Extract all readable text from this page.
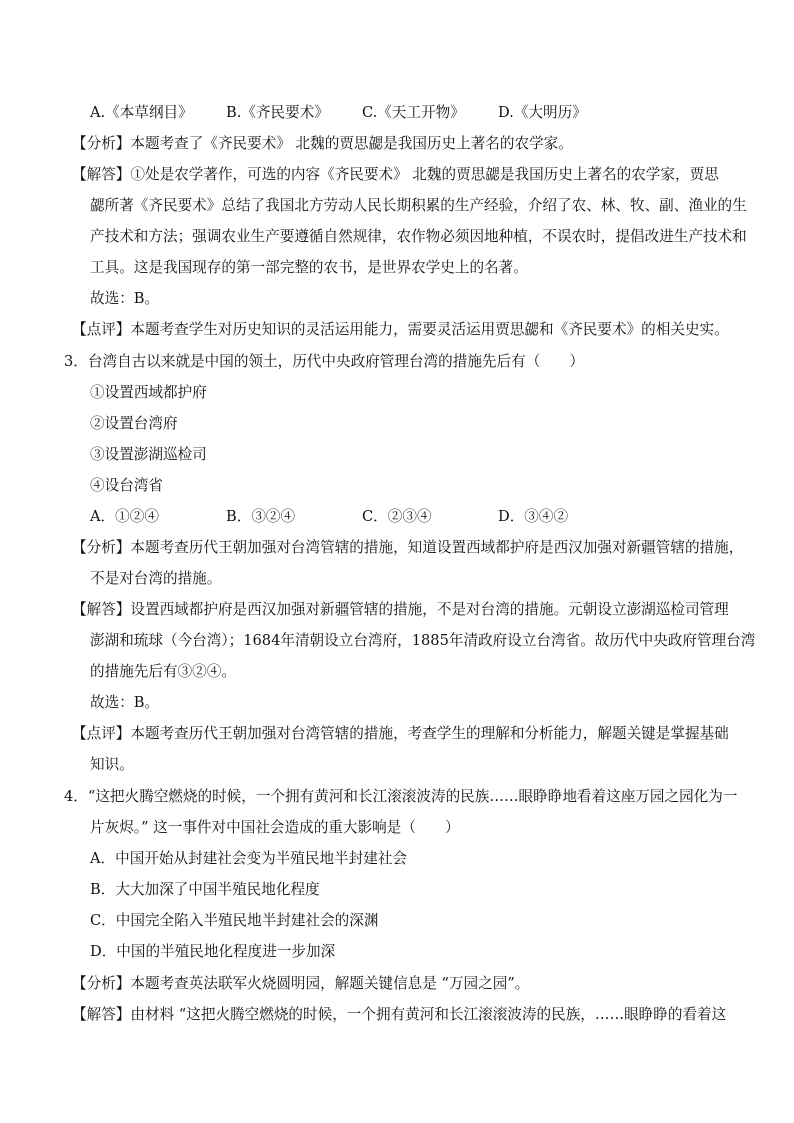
A.《本草纲目》 B.《齐民要术》 C.《天工开物》 D.《大明历》
【分析】本题考查了《齐民要术》 北魏的贾思勰是我国历史上著名的农学家。
【解答】①处是农学著作，可选的内容《齐民要术》 北魏的贾思勰是我国历史上著名的农学家，贾思
勰所著《齐民要术》总结了我国北方劳动人民长期积累的生产经验，介绍了农、林、牧、副、渔业的生
产技术和方法；强调农业生产要遵循自然规律，农作物必须因地种植，不误农时，提倡改进生产技术和
工具。这是我国现存的第一部完整的农书，是世界农学史上的名著。
故选：B。
【点评】本题考查学生对历史知识的灵活运用能力，需要灵活运用贾思勰和《齐民要术》的相关史实。
3．台湾自古以来就是中国的领土，历代中央政府管理台湾的措施先后有（　　）
①设置西域都护府
②设置台湾府
③设置澎湖巡检司
④设台湾省
A．①②④	B．③②④	C．②③④	D．③④②
【分析】本题考查历代王朝加强对台湾管辖的措施，知道设置西域都护府是西汉加强对新疆管辖的措施，
不是对台湾的措施。
【解答】设置西域都护府是西汉加强对新疆管辖的措施，不是对台湾的措施。元朝设立澎湖巡检司管理
澎湖和琉球（今台湾）；1684年清朝设立台湾府，1885年清政府设立台湾省。故历代中央政府管理台湾
的措施先后有③②④。
故选：B。
【点评】本题考查历代王朝加强对台湾管辖的措施，考查学生的理解和分析能力，解题关键是掌握基础
知识。
4．“这把火腾空燃烧的时候，一个拥有黄河和长江滚滚波涛的民族……眼睁睁地看着这座万园之园化为一
片灰烬。” 这一事件对中国社会造成的重大影响是（　　）
A．中国开始从封建社会变为半殖民地半封建社会
B．大大加深了中国半殖民地化程度
C．中国完全陷入半殖民地半封建社会的深渊
D．中国的半殖民地化程度进一步加深
【分析】本题考查英法联军火烧圆明园，解题关键信息是 “万园之园”。
【解答】由材料 “这把火腾空燃烧的时候，一个拥有黄河和长江滚滚波涛的民族，……眼睁睁的看着这
